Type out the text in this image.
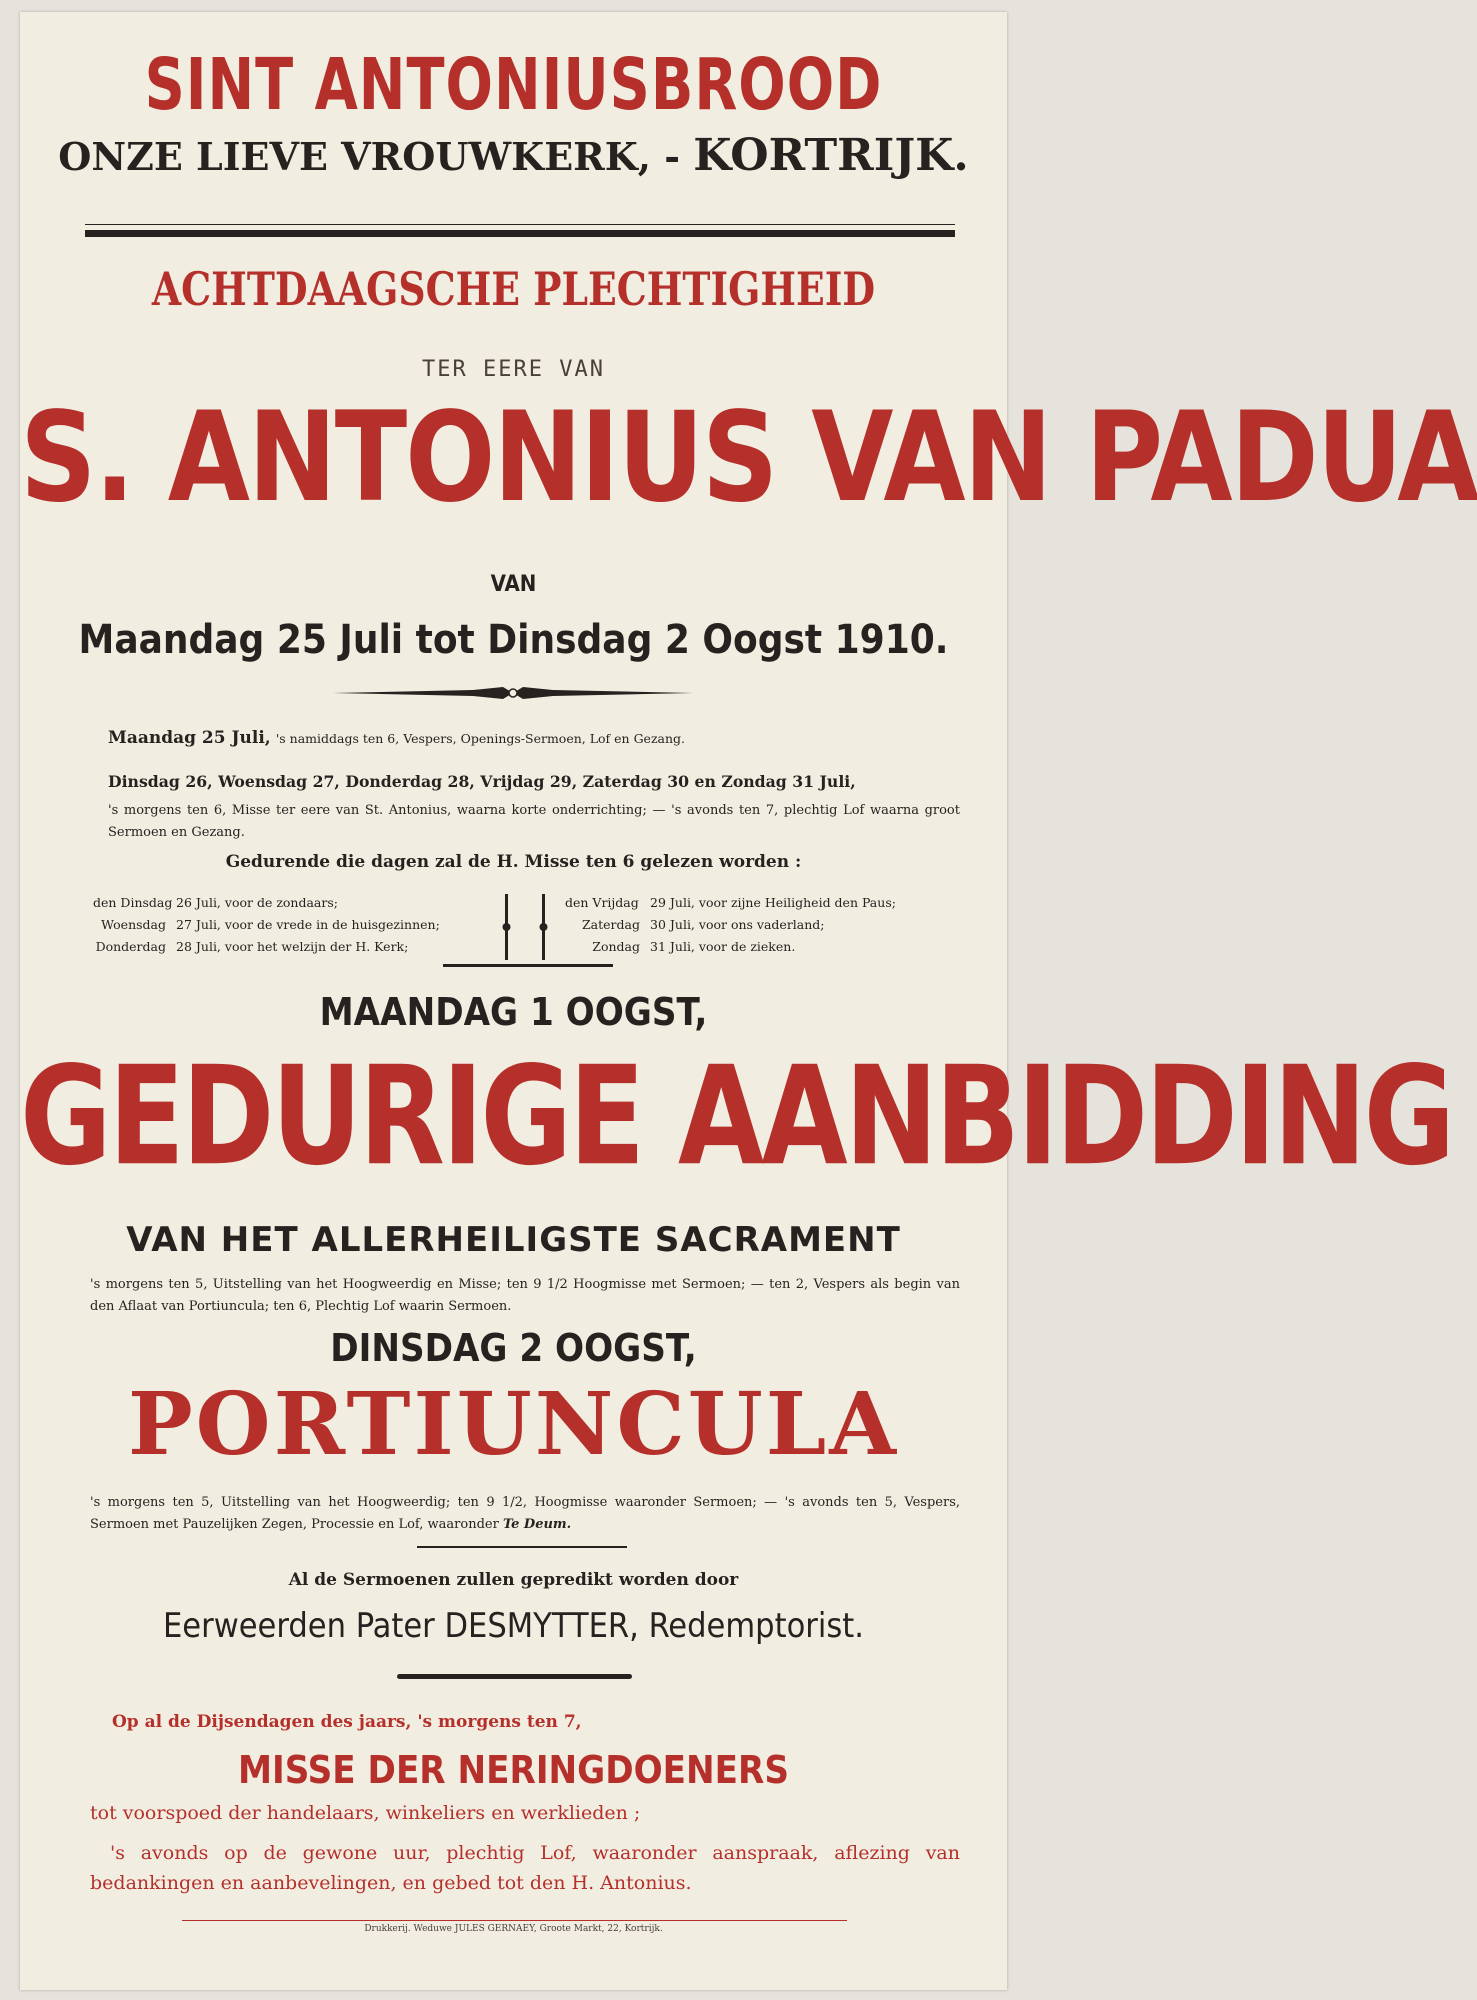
SINT ANTONIUSBROOD
ONZE LIEVE VROUWKERK, - KORTRIJK.
ACHTDAAGSCHE PLECHTIGHEID
TER EERE VAN
S. ANTONIUS VAN PADUA
VAN
Maandag 25 Juli tot Dinsdag 2 Oogst 1910.
Maandag 25 Juli, 's namiddags ten 6, Vespers, Openings-Sermoen, Lof en Gezang.
Dinsdag 26, Woensdag 27, Donderdag 28, Vrijdag 29, Zaterdag 30 en Zondag 31 Juli,

's morgens ten 6, Misse ter eere van St. Antonius, waarna korte onderrichting; — 's avonds ten 7, plechtig Lof waarna groot Sermoen en Gezang.

Gedurende die dagen zal de H. Misse ten 6 gelezen worden :
den Dinsdag 26 Juli, voor de zondaars;
Woensdag 27 Juli, voor de vrede in de huisgezinnen;
Donderdag 28 Juli, voor het welzijn der H. Kerk;
den Vrijdag 29 Juli, voor zijne Heiligheid den Paus;
Zaterdag 30 Juli, voor ons vaderland;
Zondag 31 Juli, voor de zieken.
MAANDAG 1 OOGST,
GEDURIGE AANBIDDING
VAN HET ALLERHEILIGSTE SACRAMENT

's morgens ten 5, Uitstelling van het Hoogweerdig en Misse; ten 9 1/2 Hoogmisse met Sermoen; — ten 2, Vespers als begin van den Aflaat van Portiuncula; ten 6, Plechtig Lof waarin Sermoen.

DINSDAG 2 OOGST,
PORTIUNCULA

's morgens ten 5, Uitstelling van het Hoogweerdig; ten 9 1/2, Hoogmisse waaronder Sermoen; — 's avonds ten 5, Vespers, Sermoen met Pauzelijken Zegen, Processie en Lof, waaronder Te Deum.

Al de Sermoenen zullen gepredikt worden door
Eerweerden Pater DESMYTTER, Redemptorist.
Op al de Dijsendagen des jaars, 's morgens ten 7,
MISSE DER NERINGDOENERS
tot voorspoed der handelaars, winkeliers en werklieden ;

's avonds op de gewone uur, plechtig Lof, waaronder aanspraak, aflezing van bedankingen en aanbevelingen, en gebed tot den H. Antonius.

Drukkerij. Weduwe JULES GERNAEY, Groote Markt, 22, Kortrijk.
